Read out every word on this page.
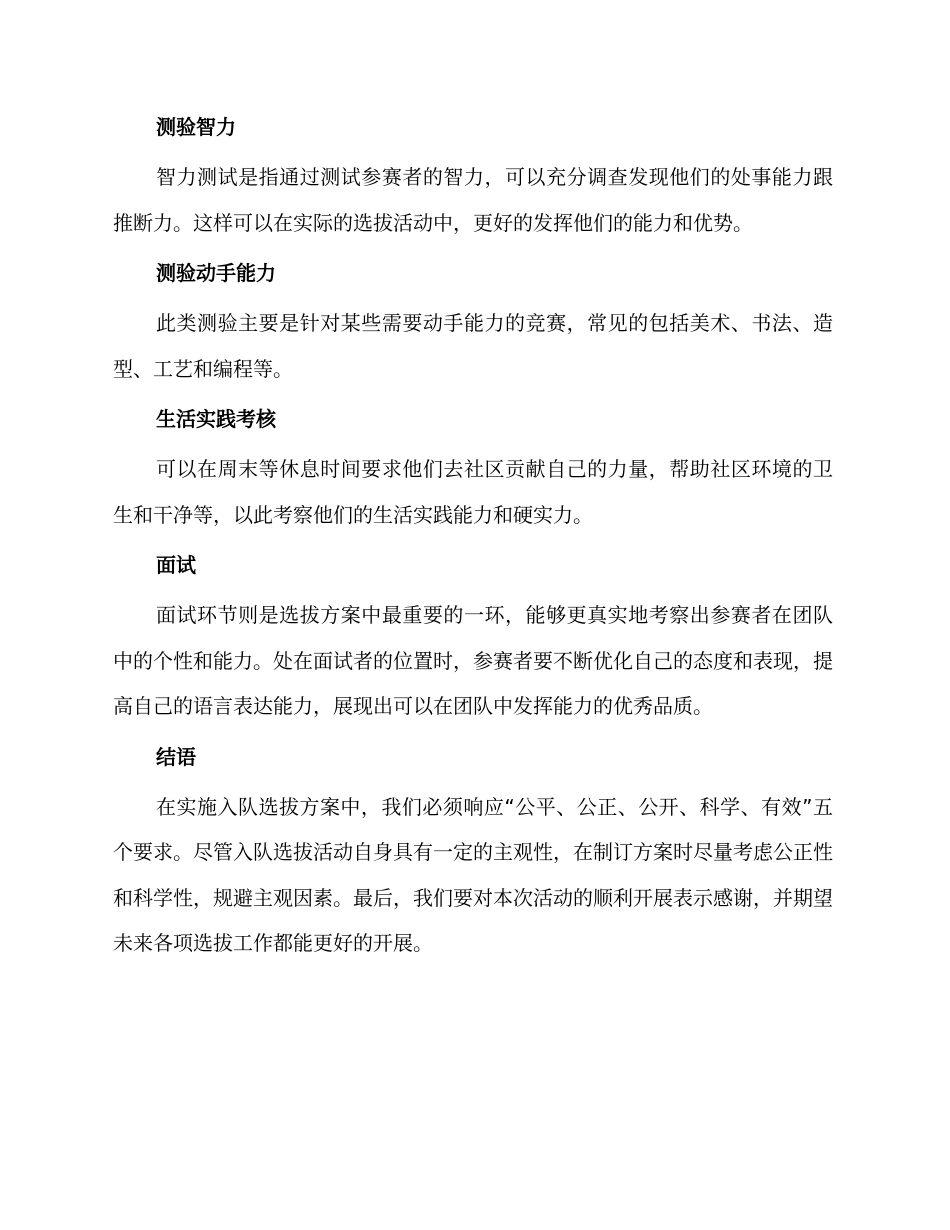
测验智力

智力测试是指通过测试参赛者的智力，可以充分调查发现他们的处事能力跟推断力。这样可以在实际的选拔活动中，更好的发挥他们的能力和优势。

测验动手能力

此类测验主要是针对某些需要动手能力的竞赛，常见的包括美术、书法、造型、工艺和编程等。

生活实践考核

可以在周末等休息时间要求他们去社区贡献自己的力量，帮助社区环境的卫生和干净等，以此考察他们的生活实践能力和硬实力。

面试

面试环节则是选拔方案中最重要的一环，能够更真实地考察出参赛者在团队中的个性和能力。处在面试者的位置时，参赛者要不断优化自己的态度和表现，提高自己的语言表达能力，展现出可以在团队中发挥能力的优秀品质。

结语

在实施入队选拔方案中，我们必须响应“公平、公正、公开、科学、有效”五个要求。尽管入队选拔活动自身具有一定的主观性，在制订方案时尽量考虑公正性和科学性，规避主观因素。最后，我们要对本次活动的顺利开展表示感谢，并期望未来各项选拔工作都能更好的开展。
